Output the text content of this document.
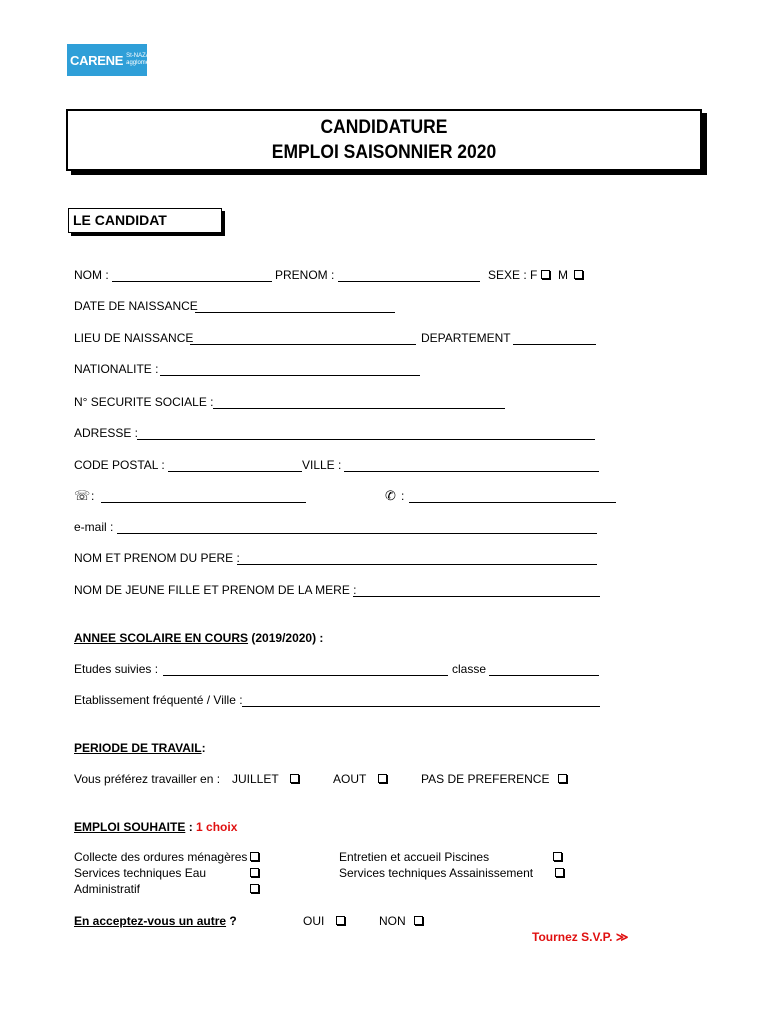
CARENE St-NAZAIRE
agglomération
CANDIDATURE
EMPLOI SAISONNIER 2020
LE CANDIDAT
NOM :	PRENOM :	SEXE : F M
DATE DE NAISSANCE
LIEU DE NAISSANCE	DEPARTEMENT
NATIONALITE :
N° SECURITE SOCIALE :
ADRESSE :
CODE POSTAL :	VILLE :
☏ :	✆ :
e-mail :
NOM ET PRENOM DU PERE :
NOM DE JEUNE FILLE ET PRENOM DE LA MERE :
ANNEE SCOLAIRE EN COURS (2019/2020) :
Etudes suivies :	classe
Etablissement fréquenté / Ville :
PERIODE DE TRAVAIL:
Vous préférez travailler en : JUILLET	AOUT	PAS DE PREFERENCE
EMPLOI SOUHAITE : 1 choix
Collecte des ordures ménagères
Services techniques Eau
Administratif
Entretien et accueil Piscines
Services techniques Assainissement
En acceptez-vous un autre ?	OUI	NON
Tournez S.V.P. ≫
